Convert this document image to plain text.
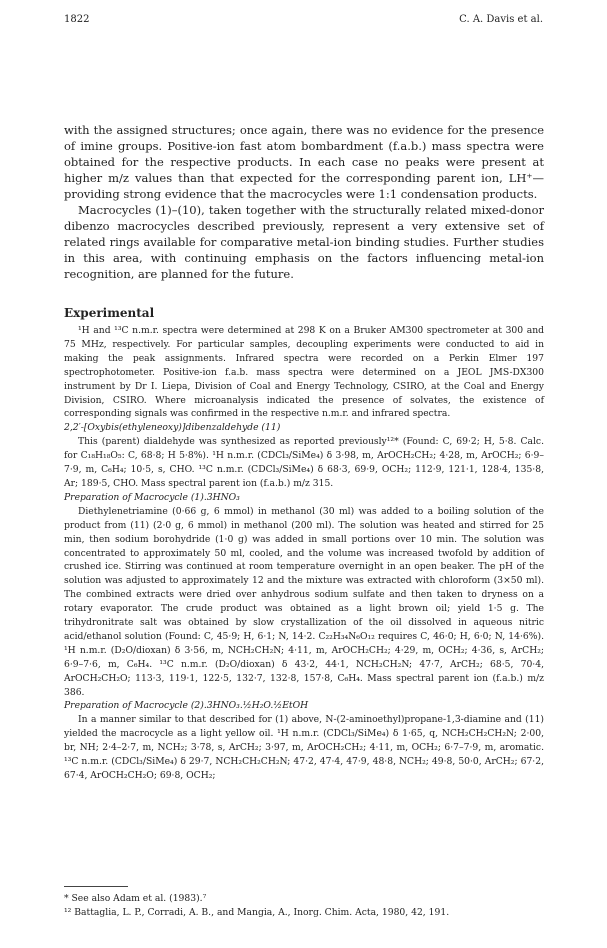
1822	C. A. Davis et al.

with the assigned structures; once again, there was no evidence for the presence of imine groups. Positive-ion fast atom bombardment (f.a.b.) mass spectra were obtained for the respective products. In each case no peaks were present at higher m/z values than that expected for the corresponding parent ion, LH⁺—providing strong evidence that the macrocycles were 1:1 condensation products.

Macrocycles (1)–(10), taken together with the structurally related mixed-donor dibenzo macrocycles described previously, represent a very extensive set of related rings available for comparative metal-ion binding studies. Further studies in this area, with continuing emphasis on the factors influencing metal-ion recognition, are planned for the future.

Experimental

¹H and ¹³C n.m.r. spectra were determined at 298 K on a Bruker AM300 spectrometer at 300 and 75 MHz, respectively. For particular samples, decoupling experiments were conducted to aid in making the peak assignments. Infrared spectra were recorded on a Perkin Elmer 197 spectrophotometer. Positive-ion f.a.b. mass spectra were determined on a JEOL JMS-DX300 instrument by Dr I. Liepa, Division of Coal and Energy Technology, CSIRO, at the Coal and Energy Division, CSIRO. Where microanalysis indicated the presence of solvates, the existence of corresponding signals was confirmed in the respective n.m.r. and infrared spectra.

2,2′-[Oxybis(ethyleneoxy)]dibenzaldehyde (11)

This (parent) dialdehyde was synthesized as reported previously¹²* (Found: C, 69·2; H, 5·8. Calc. for C₁₈H₁₈O₅: C, 68·8; H 5·8%). ¹H n.m.r. (CDCl₃/SiMe₄) δ 3·98, m, ArOCH₂CH₂; 4·28, m, ArOCH₂; 6·9–7·9, m, C₆H₄; 10·5, s, CHO. ¹³C n.m.r. (CDCl₃/SiMe₄) δ 68·3, 69·9, OCH₂; 112·9, 121·1, 128·4, 135·8, Ar; 189·5, CHO. Mass spectral parent ion (f.a.b.) m/z 315.

Preparation of Macrocycle (1).3HNO₃

Diethylenetriamine (0·66 g, 6 mmol) in methanol (30 ml) was added to a boiling solution of the product from (11) (2·0 g, 6 mmol) in methanol (200 ml). The solution was heated and stirred for 25 min, then sodium borohydride (1·0 g) was added in small portions over 10 min. The solution was concentrated to approximately 50 ml, cooled, and the volume was increased twofold by addition of crushed ice. Stirring was continued at room temperature overnight in an open beaker. The pH of the solution was adjusted to approximately 12 and the mixture was extracted with chloroform (3×50 ml). The combined extracts were dried over anhydrous sodium sulfate and then taken to dryness on a rotary evaporator. The crude product was obtained as a light brown oil; yield 1·5 g. The trihydronitrate salt was obtained by slow crystallization of the oil dissolved in aqueous nitric acid/ethanol solution (Found: C, 45·9; H, 6·1; N, 14·2. C₂₂H₃₄N₆O₁₂ requires C, 46·0; H, 6·0; N, 14·6%). ¹H n.m.r. (D₂O/dioxan) δ 3·56, m, NCH₂CH₂N; 4·11, m, ArOCH₂CH₂; 4·29, m, OCH₂; 4·36, s, ArCH₂; 6·9–7·6, m, C₆H₄. ¹³C n.m.r. (D₂O/dioxan) δ 43·2, 44·1, NCH₂CH₂N; 47·7, ArCH₂; 68·5, 70·4, ArOCH₂CH₂O; 113·3, 119·1, 122·5, 132·7, 132·8, 157·8, C₆H₄. Mass spectral parent ion (f.a.b.) m/z 386.

Preparation of Macrocycle (2).3HNO₃.½H₂O.½EtOH

In a manner similar to that described for (1) above, N-(2-aminoethyl)propane-1,3-diamine and (11) yielded the macrocycle as a light yellow oil. ¹H n.m.r. (CDCl₃/SiMe₄) δ 1·65, q, NCH₂CH₂CH₂N; 2·00, br, NH; 2·4–2·7, m, NCH₂; 3·78, s, ArCH₂; 3·97, m, ArOCH₂CH₂; 4·11, m, OCH₂; 6·7–7·9, m, aromatic. ¹³C n.m.r. (CDCl₃/SiMe₄) δ 29·7, NCH₂CH₂CH₂N; 47·2, 47·4, 47·9, 48·8, NCH₂; 49·8, 50·0, ArCH₂; 67·2, 67·4, ArOCH₂CH₂O; 69·8, OCH₂;

* See also Adam et al. (1983).⁷

¹² Battaglia, L. P., Corradi, A. B., and Mangia, A., Inorg. Chim. Acta, 1980, 42, 191.
